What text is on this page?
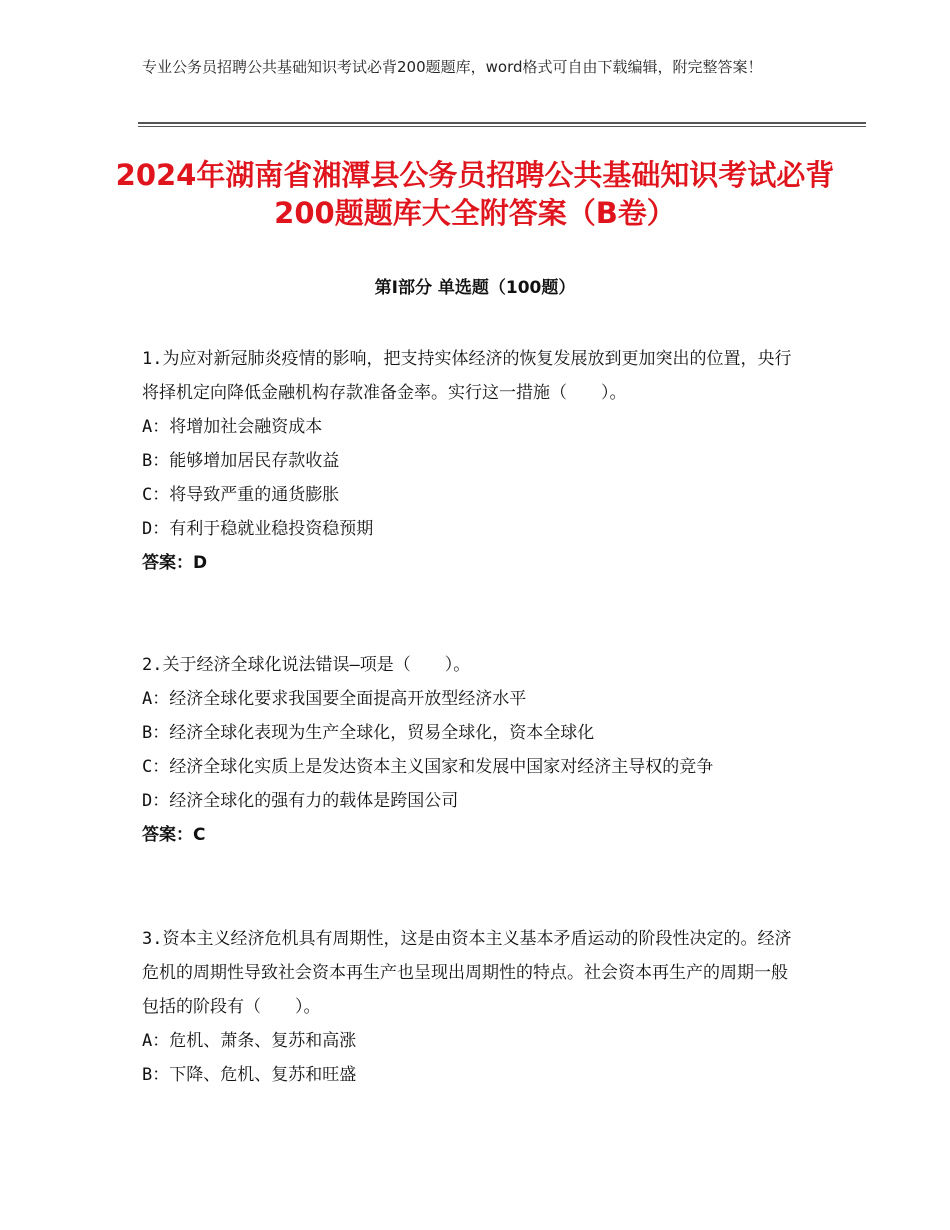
专业公务员招聘公共基础知识考试必背200题题库，word格式可自由下载编辑，附完整答案！
2024年湖南省湘潭县公务员招聘公共基础知识考试必背200题题库大全附答案（B卷）
第Ⅰ部分 单选题（100题）
1.为应对新冠肺炎疫情的影响，把支持实体经济的恢复发展放到更加突出的位置，央行将择机定向降低金融机构存款准备金率。实行这一措施（　　）。
A：将增加社会融资成本
B：能够增加居民存款收益
C：将导致严重的通货膨胀
D：有利于稳就业稳投资稳预期
答案：D
2.关于经济全球化说法错误—项是（　　）。
A：经济全球化要求我国要全面提高开放型经济水平
B：经济全球化表现为生产全球化，贸易全球化，资本全球化
C：经济全球化实质上是发达资本主义国家和发展中国家对经济主导权的竞争
D：经济全球化的强有力的载体是跨国公司
答案：C
3.资本主义经济危机具有周期性，这是由资本主义基本矛盾运动的阶段性决定的。经济危机的周期性导致社会资本再生产也呈现出周期性的特点。社会资本再生产的周期一般包括的阶段有（　　）。
A：危机、萧条、复苏和高涨
B：下降、危机、复苏和旺盛
